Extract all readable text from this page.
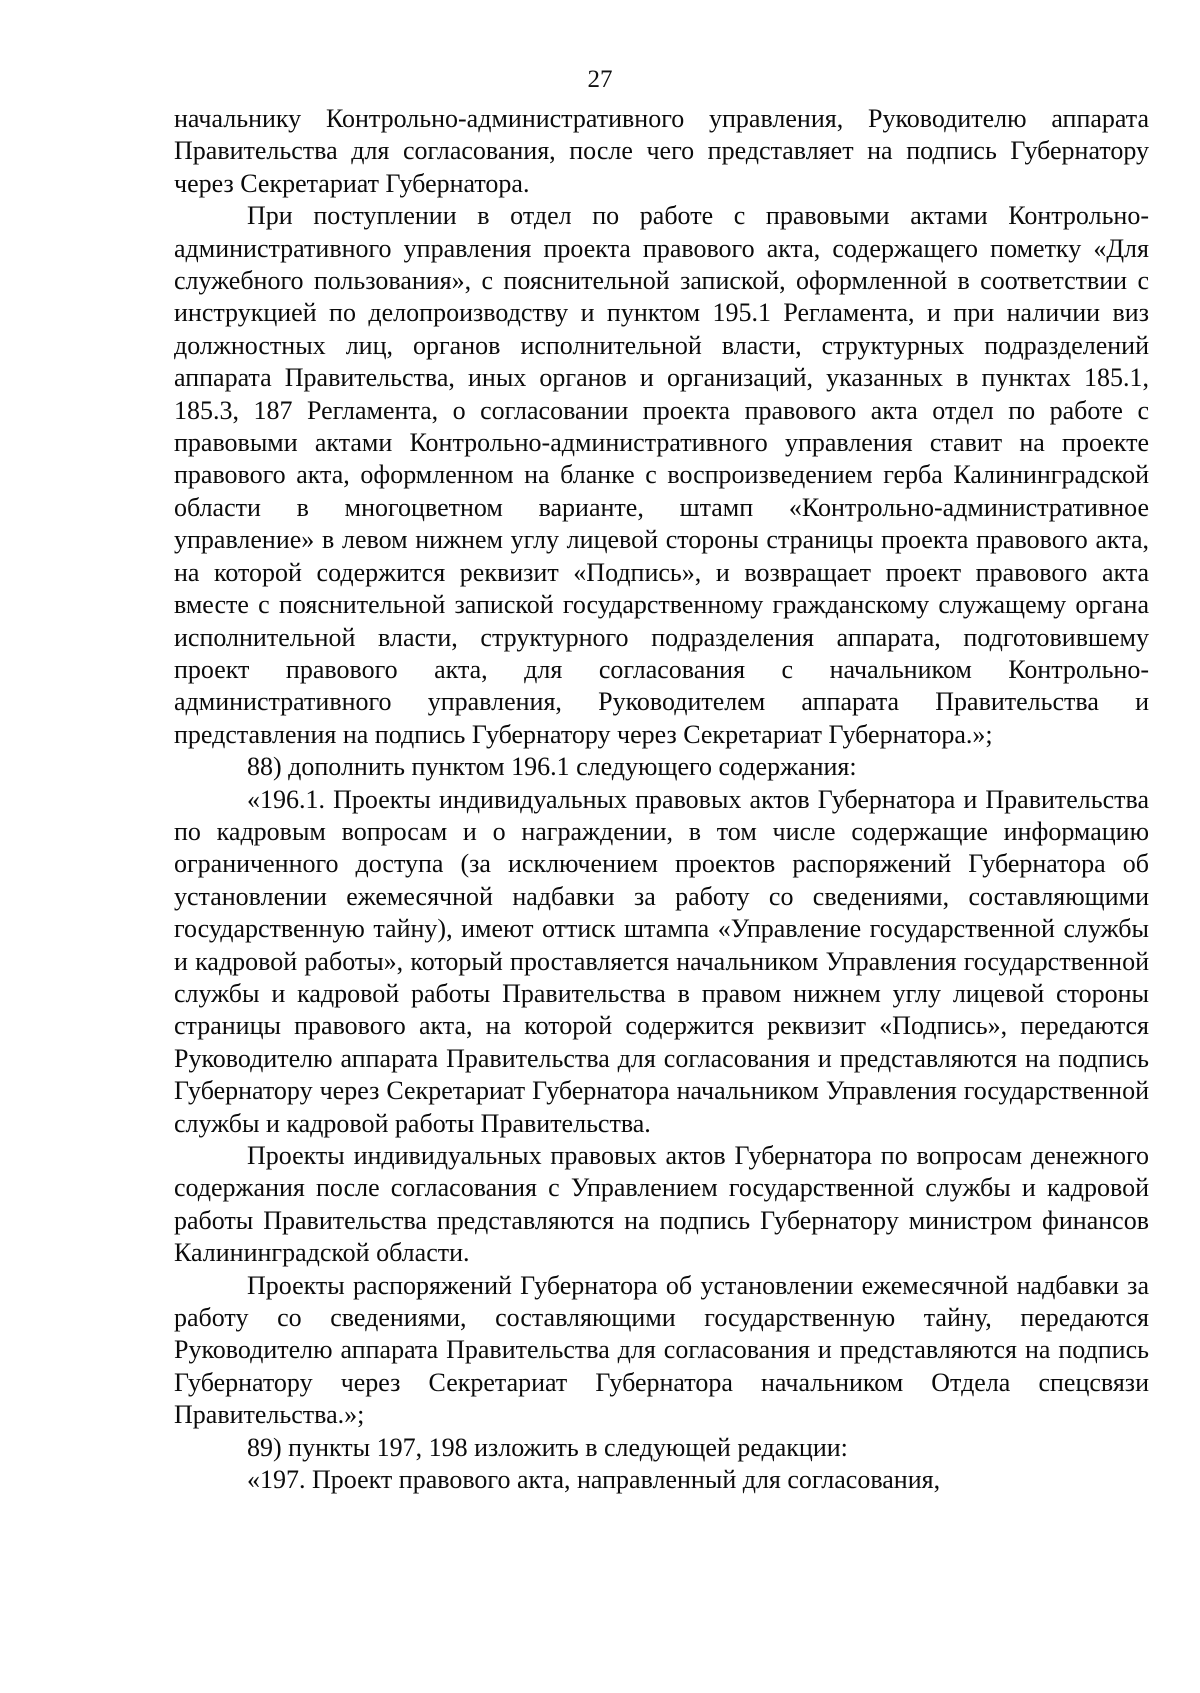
27

начальнику Контрольно-административного управления, Руководителю аппарата Правительства для согласования, после чего представляет на подпись Губернатору через Секретариат Губернатора.

При поступлении в отдел по работе с правовыми актами Контрольно-административного управления проекта правового акта, содержащего пометку «Для служебного пользования», с пояснительной запиской, оформленной в соответствии с инструкцией по делопроизводству и пунктом 195.1 Регламента, и при наличии виз должностных лиц, органов исполнительной власти, структурных подразделений аппарата Правительства, иных органов и организаций, указанных в пунктах 185.1, 185.3, 187 Регламента, о согласовании проекта правового акта отдел по работе с правовыми актами Контрольно-административного управления ставит на проекте правового акта, оформленном на бланке с воспроизведением герба Калининградской области в многоцветном варианте, штамп «Контрольно-административное управление» в левом нижнем углу лицевой стороны страницы проекта правового акта, на которой содержится реквизит «Подпись», и возвращает проект правового акта вместе с пояснительной запиской государственному гражданскому служащему органа исполнительной власти, структурного подразделения аппарата, подготовившему проект правового акта, для согласования с начальником Контрольно-административного управления, Руководителем аппарата Правительства и представления на подпись Губернатору через Секретариат Губернатора.»;

88) дополнить пунктом 196.1 следующего содержания:

«196.1. Проекты индивидуальных правовых актов Губернатора и Правительства по кадровым вопросам и о награждении, в том числе содержащие информацию ограниченного доступа (за исключением проектов распоряжений Губернатора об установлении ежемесячной надбавки за работу со сведениями, составляющими государственную тайну), имеют оттиск штампа «Управление государственной службы и кадровой работы», который проставляется начальником Управления государственной службы и кадровой работы Правительства в правом нижнем углу лицевой стороны страницы правового акта, на которой содержится реквизит «Подпись», передаются Руководителю аппарата Правительства для согласования и представляются на подпись Губернатору через Секретариат Губернатора начальником Управления государственной службы и кадровой работы Правительства.

Проекты индивидуальных правовых актов Губернатора по вопросам денежного содержания после согласования с Управлением государственной службы и кадровой работы Правительства представляются на подпись Губернатору министром финансов Калининградской области.

Проекты распоряжений Губернатора об установлении ежемесячной надбавки за работу со сведениями, составляющими государственную тайну, передаются Руководителю аппарата Правительства для согласования и представляются на подпись Губернатору через Секретариат Губернатора начальником Отдела спецсвязи Правительства.»;

89) пункты 197, 198 изложить в следующей редакции:

«197. Проект правового акта, направленный для согласования,
